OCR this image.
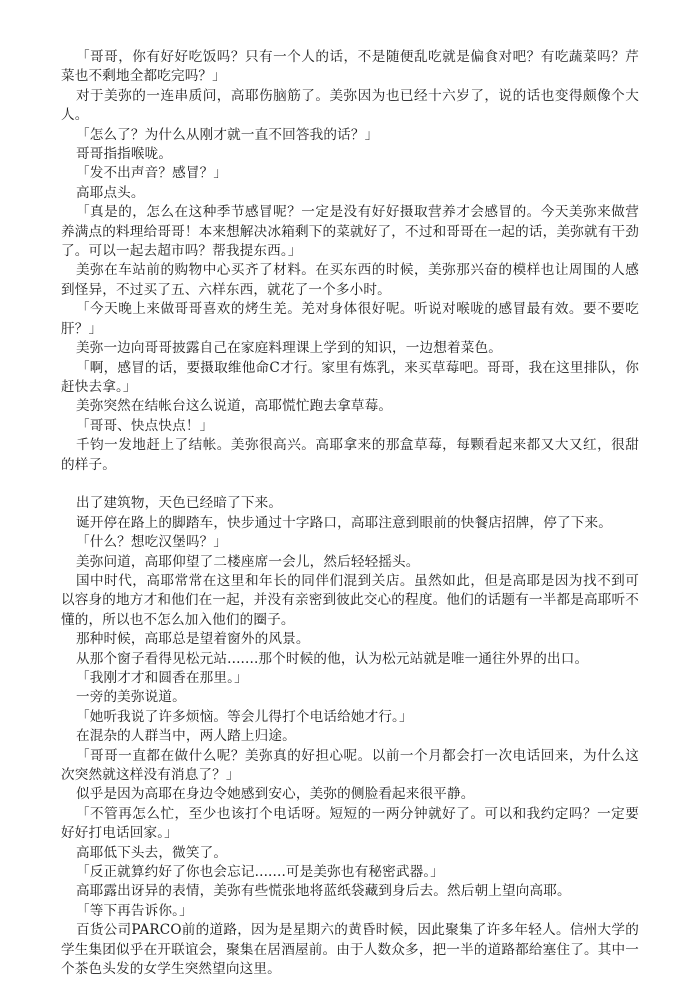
「哥哥，你有好好吃饭吗？只有一个人的话，不是随便乱吃就是偏食对吧？有吃蔬菜吗？芹菜也不剩地全都吃完吗？」

对于美弥的一连串质问，高耶伤脑筋了。美弥因为也已经十六岁了，说的话也变得颇像个大人。

「怎么了？为什么从刚才就一直不回答我的话？」

哥哥指指喉咙。

「发不出声音？感冒？」

高耶点头。

「真是的，怎么在这种季节感冒呢？一定是没有好好摄取营养才会感冒的。今天美弥来做营养满点的料理给哥哥！本来想解决冰箱剩下的菜就好了，不过和哥哥在一起的话，美弥就有干劲了。可以一起去超市吗？帮我提东西。」

美弥在车站前的购物中心买齐了材料。在买东西的时候，美弥那兴奋的模样也让周围的人感到怪异，不过买了五、六样东西，就花了一个多小时。

「今天晚上来做哥哥喜欢的烤生羌。羌对身体很好呢。听说对喉咙的感冒最有效。要不要吃肝？」

美弥一边向哥哥披露自己在家庭料理课上学到的知识，一边想着菜色。

「啊，感冒的话，要摄取维他命C才行。家里有炼乳，来买草莓吧。哥哥，我在这里排队，你赶快去拿。」

美弥突然在结帐台这么说道，高耶慌忙跑去拿草莓。

「哥哥、快点快点！」

千钧一发地赶上了结帐。美弥很高兴。高耶拿来的那盒草莓，每颗看起来都又大又红，很甜的样子。

出了建筑物，天色已经暗了下来。

诞开停在路上的脚踏车，快步通过十字路口，高耶注意到眼前的快餐店招牌，停了下来。

「什么？想吃汉堡吗？」

美弥问道，高耶仰望了二楼座席一会儿，然后轻轻摇头。

国中时代，高耶常常在这里和年长的同伴们混到关店。虽然如此，但是高耶是因为找不到可以容身的地方才和他们在一起，并没有亲密到彼此交心的程度。他们的话题有一半都是高耶听不懂的，所以也不怎么加入他们的圈子。

那种时候，高耶总是望着窗外的风景。

从那个窗子看得见松元站.......那个时候的他，认为松元站就是唯一通往外界的出口。

「我刚才才和圆香在那里。」

一旁的美弥说道。

「她听我说了许多烦恼。等会儿得打个电话给她才行。」

在混杂的人群当中，两人踏上归途。

「哥哥一直都在做什么呢？美弥真的好担心呢。以前一个月都会打一次电话回来，为什么这次突然就这样没有消息了？」

似乎是因为高耶在身边令她感到安心，美弥的侧脸看起来很平静。

「不管再怎么忙，至少也该打个电话呀。短短的一两分钟就好了。可以和我约定吗？一定要好好打电话回家。」

高耶低下头去，微笑了。

「反正就算约好了你也会忘记.......可是美弥也有秘密武器。」

高耶露出讶异的表情，美弥有些慌张地将蓝纸袋藏到身后去。然后朝上望向高耶。

「等下再告诉你。」

百货公司PARCO前的道路，因为是星期六的黄昏时候，因此聚集了许多年轻人。信州大学的学生集团似乎在开联谊会，聚集在居酒屋前。由于人数众多，把一半的道路都给塞住了。其中一个茶色头发的女学生突然望向这里。
